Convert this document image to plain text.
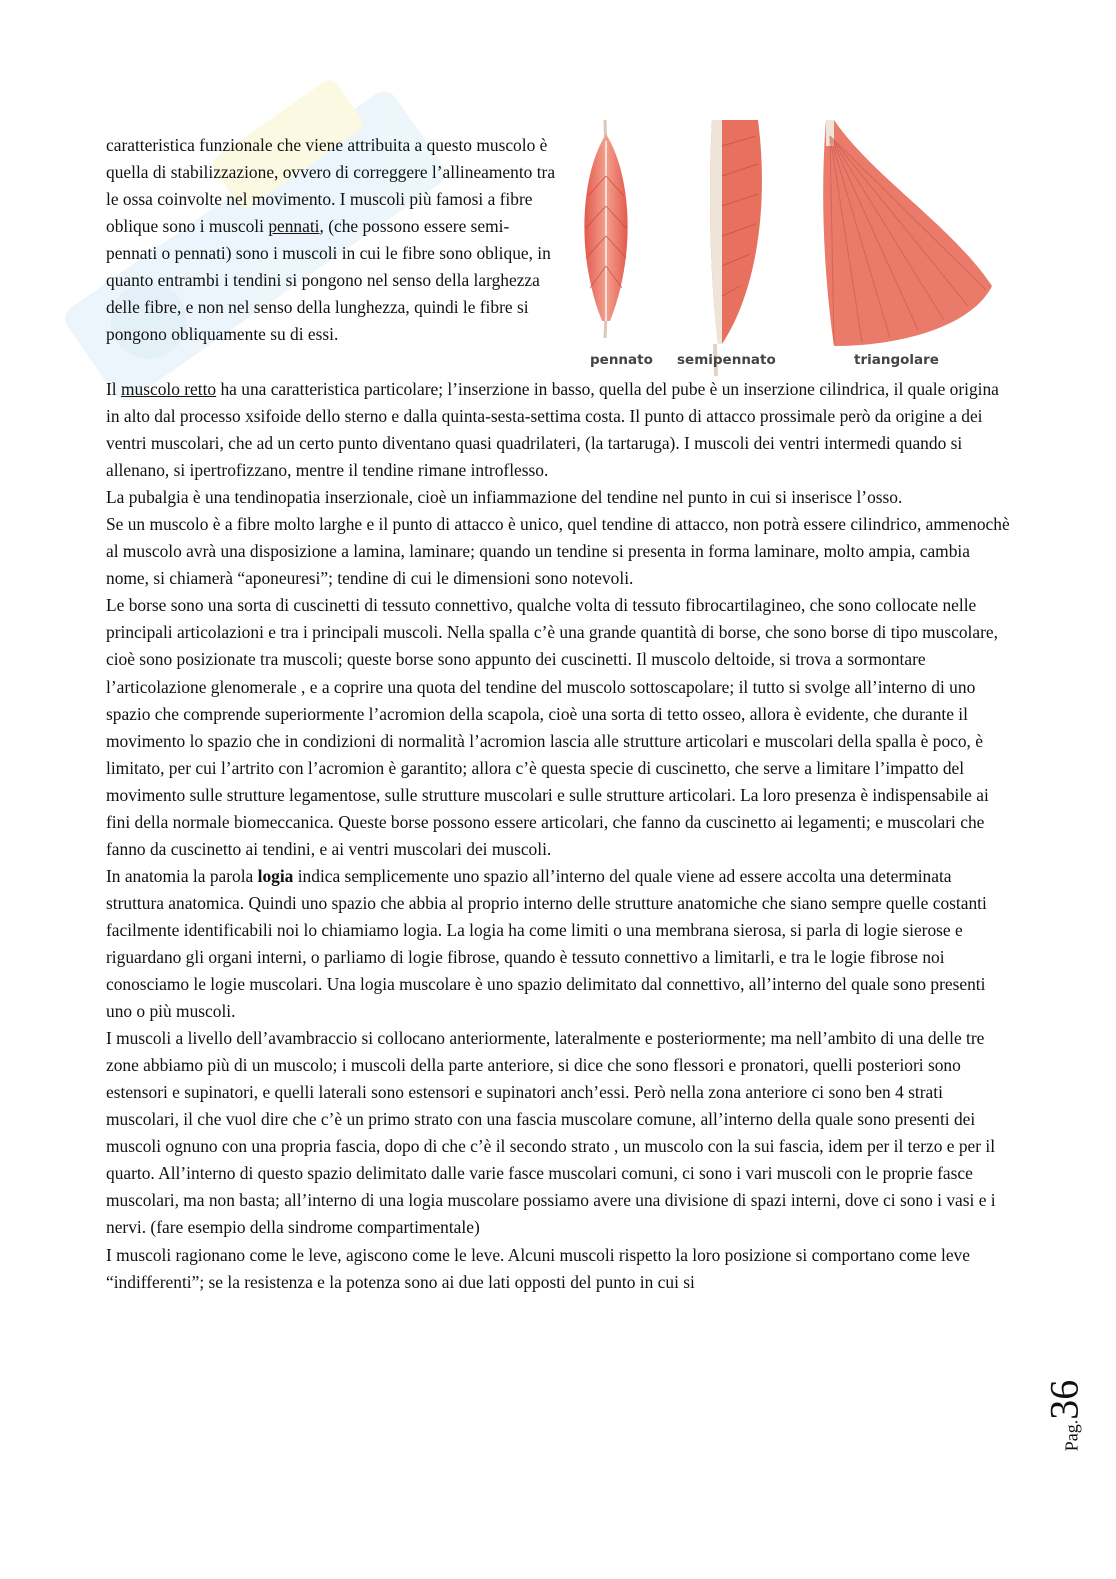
caratteristica funzionale che viene attribuita a questo muscolo è quella di stabilizzazione, ovvero di correggere l’allineamento tra le ossa coinvolte nel movimento. I muscoli più famosi a fibre oblique sono i muscoli pennati, (che possono essere semi-pennati o pennati) sono i muscoli in cui le fibre sono oblique, in quanto entrambi i tendini si pongono nel senso della larghezza delle fibre, e non nel senso della lunghezza, quindi le fibre si pongono obliquamente su di essi.

pennato semipennato	triangolare

Il muscolo retto ha una caratteristica particolare; l’inserzione in basso, quella del pube è un inserzione cilindrica, il quale origina in alto dal processo xsifoide dello sterno e dalla quinta-sesta-settima costa. Il punto di attacco prossimale però da origine a dei ventri muscolari, che ad un certo punto diventano quasi quadrilateri, (la tartaruga). I muscoli dei ventri intermedi quando si allenano, si ipertrofizzano, mentre il tendine rimane introflesso.

La pubalgia è una tendinopatia inserzionale, cioè un infiammazione del tendine nel punto in cui si inserisce l’osso.

Se un muscolo è a fibre molto larghe e il punto di attacco è unico, quel tendine di attacco, non potrà essere cilindrico, ammenochè al muscolo avrà una disposizione a lamina, laminare; quando un tendine si presenta in forma laminare, molto ampia, cambia nome, si chiamerà “aponeuresi”; tendine di cui le dimensioni sono notevoli.

Le borse sono una sorta di cuscinetti di tessuto connettivo, qualche volta di tessuto fibrocartilagineo, che sono collocate nelle principali articolazioni e tra i principali muscoli. Nella spalla c’è una grande quantità di borse, che sono borse di tipo muscolare, cioè sono posizionate tra muscoli; queste borse sono appunto dei cuscinetti. Il muscolo deltoide, si trova a sormontare l’articolazione glenomerale , e a coprire una quota del tendine del muscolo sottoscapolare; il tutto si svolge all’interno di uno spazio che comprende superiormente l’acromion della scapola, cioè una sorta di tetto osseo, allora è evidente, che durante il movimento lo spazio che in condizioni di normalità l’acromion lascia alle strutture articolari e muscolari della spalla è poco, è limitato, per cui l’artrito con l’acromion è garantito; allora c’è questa specie di cuscinetto, che serve a limitare l’impatto del movimento sulle strutture legamentose, sulle strutture muscolari e sulle strutture articolari. La loro presenza è indispensabile ai fini della normale biomeccanica. Queste borse possono essere articolari, che fanno da cuscinetto ai legamenti; e muscolari che fanno da cuscinetto ai tendini, e ai ventri muscolari dei muscoli.

In anatomia la parola logia indica semplicemente uno spazio all’interno del quale viene ad essere accolta una determinata struttura anatomica. Quindi uno spazio che abbia al proprio interno delle strutture anatomiche che siano sempre quelle costanti facilmente identificabili noi lo chiamiamo logia. La logia ha come limiti o una membrana sierosa, si parla di logie sierose e riguardano gli organi interni, o parliamo di logie fibrose, quando è tessuto connettivo a limitarli, e tra le logie fibrose noi conosciamo le logie muscolari. Una logia muscolare è uno spazio delimitato dal connettivo, all’interno del quale sono presenti uno o più muscoli.

I muscoli a livello dell’avambraccio si collocano anteriormente, lateralmente e posteriormente; ma nell’ambito di una delle tre zone abbiamo più di un muscolo; i muscoli della parte anteriore, si dice che sono flessori e pronatori, quelli posteriori sono estensori e supinatori, e quelli laterali sono estensori e supinatori anch’essi. Però nella zona anteriore ci sono ben 4 strati muscolari, il che vuol dire che c’è un primo strato con una fascia muscolare comune, all’interno della quale sono presenti dei muscoli ognuno con una propria fascia, dopo di che c’è il secondo strato , un muscolo con la sui fascia, idem per il terzo e per il quarto. All’interno di questo spazio delimitato dalle varie fasce muscolari comuni, ci sono i vari muscoli con le proprie fasce muscolari, ma non basta; all’interno di una logia muscolare possiamo avere una divisione di spazi interni, dove ci sono i vasi e i nervi. (fare esempio della sindrome compartimentale)

I muscoli ragionano come le leve, agiscono come le leve. Alcuni muscoli rispetto la loro posizione si comportano come leve “indifferenti”; se la resistenza e la potenza sono ai due lati opposti del punto in cui si

Pag.36
